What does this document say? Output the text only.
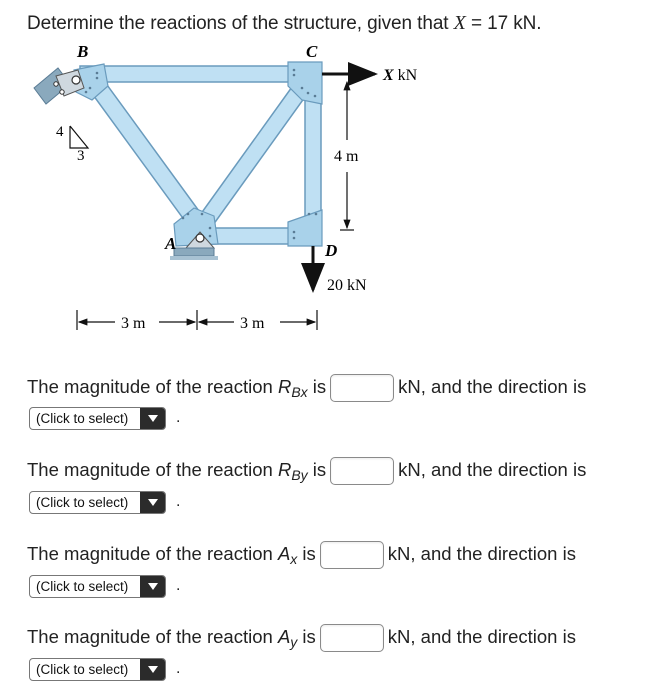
Determine the reactions of the structure, given that X = 17 kN.
4
3
B	C
A	D
X kN
20 kN
4 m
3 m	3 m
The magnitude of the reaction $R_{Bx}$ is	kN, and the direction is
(Click to select)	.
The magnitude of the reaction $R_{By}$ is	kN, and the direction is
(Click to select)	.
The magnitude of the reaction $A_x$ is	kN, and the direction is
(Click to select)	.
The magnitude of the reaction $A_y$ is	kN, and the direction is
(Click to select)	.
